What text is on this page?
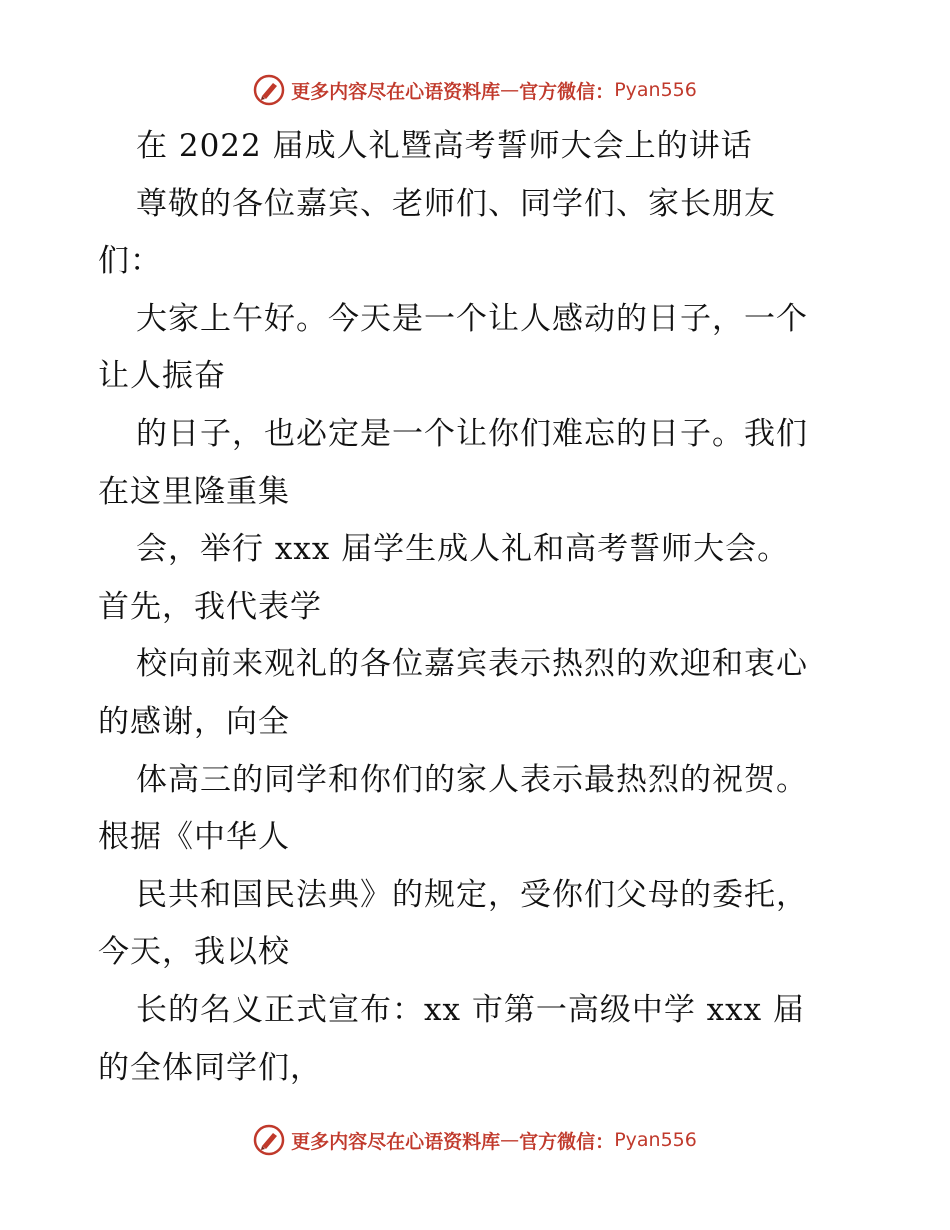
更多内容尽在心语资料库 — 官方微信： Pyan556
在 2022 届成人礼暨高考誓师大会上的讲话
尊敬的各位嘉宾、老师们、同学们、家长朋友
们：
大家上午好。今天是一个让人感动的日子，一个
让人振奋
的日子，也必定是一个让你们难忘的日子。我们
在这里隆重集
会，举行 xxx 届学生成人礼和高考誓师大会。
首先，我代表学
校向前来观礼的各位嘉宾表示热烈的欢迎和衷心
的感谢，向全
体高三的同学和你们的家人表示最热烈的祝贺。
根据《中华人
民共和国民法典》的规定，受你们父母的委托，
今天，我以校
长的名义正式宣布：xx 市第一高级中学 xxx 届
的全体同学们，
更多内容尽在心语资料库 — 官方微信： Pyan556
